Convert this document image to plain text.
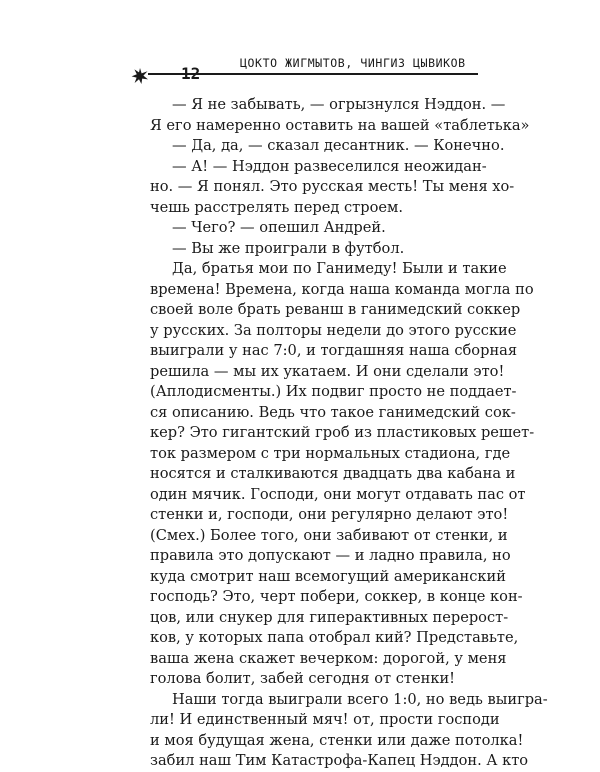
12
ЦОКТО ЖИГМЫТОВ, ЧИНГИЗ ЦЫВИКОВ
— Я не забывать, — огрызнулся Нэддон. —
Я его намеренно оставить на вашей «таблетька»
— Да, да, — сказал десантник. — Конечно.
— А! — Нэддон развеселился неожидан-
но. — Я понял. Это русская месть! Ты меня хо-
чешь расстрелять перед строем.
— Чего? — опешил Андрей.
— Вы же проиграли в футбол.
Да, братья мои по Ганимеду! Были и такие
времена! Времена, когда наша команда могла по
своей воле брать реванш в ганимедский соккер
у русских. За полторы недели до этого русские
выиграли у нас 7:0, и тогдашняя наша сборная
решила — мы их укатаем. И они сделали это!
(Аплодисменты.) Их подвиг просто не поддает-
ся описанию. Ведь что такое ганимедский сок-
кер? Это гигантский гроб из пластиковых решет-
ток размером с три нормальных стадиона, где
носятся и сталкиваются двадцать два кабана и
один мячик. Господи, они могут отдавать пас от
стенки и, господи, они регулярно делают это!
(Смех.) Более того, они забивают от стенки, и
правила это допускают — и ладно правила, но
куда смотрит наш всемогущий американский
господь? Это, черт побери, соккер, в конце кон-
цов, или снукер для гиперактивных перерост-
ков, у которых папа отобрал кий? Представьте,
ваша жена скажет вечерком: дорогой, у меня
голова болит, забей сегодня от стенки!
Наши тогда выиграли всего 1:0, но ведь выигра-
ли! И единственный мяч! от, прости господи
и моя будущая жена, стенки или даже потолка!
забил наш Тим Катастрофа-Капец Нэддон. А кто
